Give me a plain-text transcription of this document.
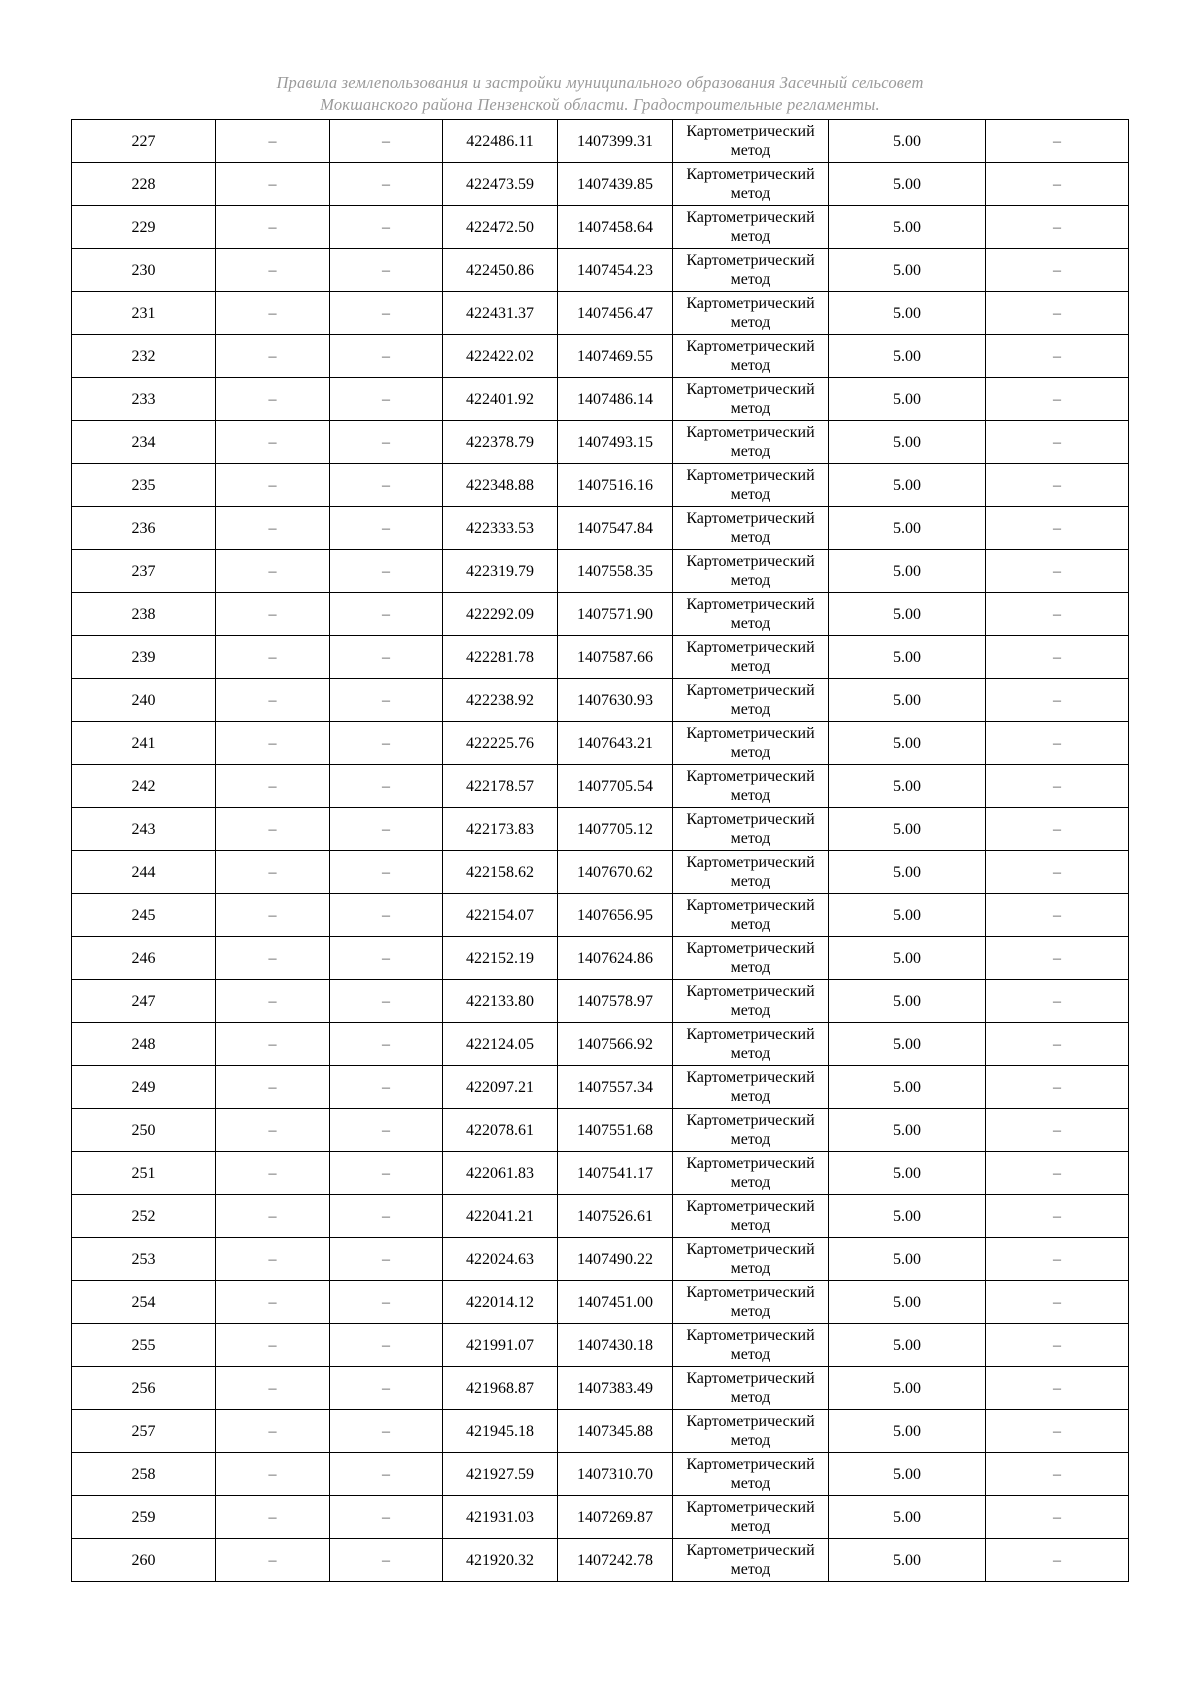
Правила землепользования и застройки муниципального образования Засечный сельсовет
Мокшанского района Пензенской области. Градостроительные регламенты.
227	–	–	422486.11	1407399.31	Картометрический метод	5.00	–
228	–	–	422473.59	1407439.85	Картометрический метод	5.00	–
229	–	–	422472.50	1407458.64	Картометрический метод	5.00	–
230	–	–	422450.86	1407454.23	Картометрический метод	5.00	–
231	–	–	422431.37	1407456.47	Картометрический метод	5.00	–
232	–	–	422422.02	1407469.55	Картометрический метод	5.00	–
233	–	–	422401.92	1407486.14	Картометрический метод	5.00	–
234	–	–	422378.79	1407493.15	Картометрический метод	5.00	–
235	–	–	422348.88	1407516.16	Картометрический метод	5.00	–
236	–	–	422333.53	1407547.84	Картометрический метод	5.00	–
237	–	–	422319.79	1407558.35	Картометрический метод	5.00	–
238	–	–	422292.09	1407571.90	Картометрический метод	5.00	–
239	–	–	422281.78	1407587.66	Картометрический метод	5.00	–
240	–	–	422238.92	1407630.93	Картометрический метод	5.00	–
241	–	–	422225.76	1407643.21	Картометрический метод	5.00	–
242	–	–	422178.57	1407705.54	Картометрический метод	5.00	–
243	–	–	422173.83	1407705.12	Картометрический метод	5.00	–
244	–	–	422158.62	1407670.62	Картометрический метод	5.00	–
245	–	–	422154.07	1407656.95	Картометрический метод	5.00	–
246	–	–	422152.19	1407624.86	Картометрический метод	5.00	–
247	–	–	422133.80	1407578.97	Картометрический метод	5.00	–
248	–	–	422124.05	1407566.92	Картометрический метод	5.00	–
249	–	–	422097.21	1407557.34	Картометрический метод	5.00	–
250	–	–	422078.61	1407551.68	Картометрический метод	5.00	–
251	–	–	422061.83	1407541.17	Картометрический метод	5.00	–
252	–	–	422041.21	1407526.61	Картометрический метод	5.00	–
253	–	–	422024.63	1407490.22	Картометрический метод	5.00	–
254	–	–	422014.12	1407451.00	Картометрический метод	5.00	–
255	–	–	421991.07	1407430.18	Картометрический метод	5.00	–
256	–	–	421968.87	1407383.49	Картометрический метод	5.00	–
257	–	–	421945.18	1407345.88	Картометрический метод	5.00	–
258	–	–	421927.59	1407310.70	Картометрический метод	5.00	–
259	–	–	421931.03	1407269.87	Картометрический метод	5.00	–
260	–	–	421920.32	1407242.78	Картометрический метод	5.00	–
